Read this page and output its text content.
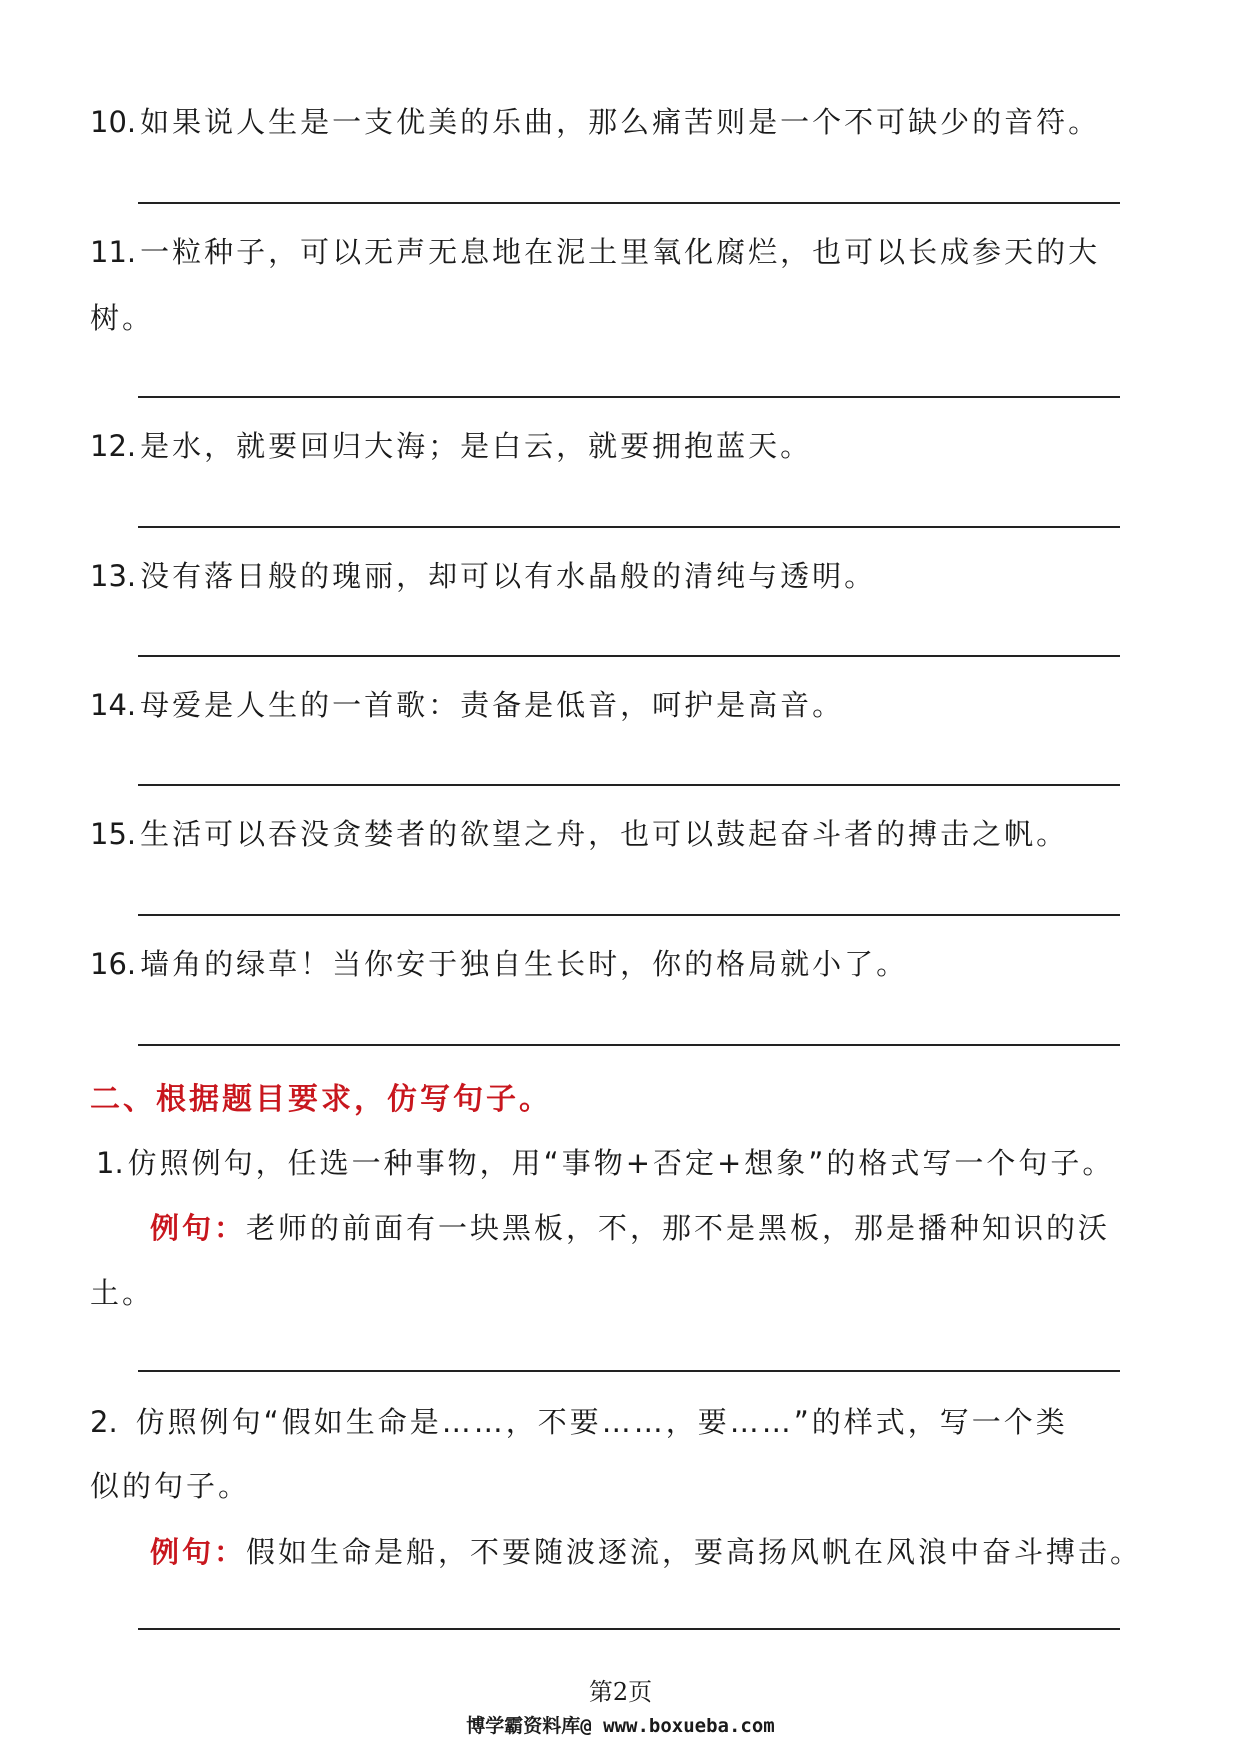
10. 如果说人生是一支优美的乐曲，那么痛苦则是一个不可缺少的音符。
11. 一粒种子，可以无声无息地在泥土里氧化腐烂，也可以长成参天的大
树。
12. 是水，就要回归大海；是白云，就要拥抱蓝天。
13. 没有落日般的瑰丽，却可以有水晶般的清纯与透明。
14. 母爱是人生的一首歌：责备是低音，呵护是高音。
15. 生活可以吞没贪婪者的欲望之舟，也可以鼓起奋斗者的搏击之帆。
16. 墙角的绿草！当你安于独自生长时，你的格局就小了。
二、根据题目要求，仿写句子。
1. 仿照例句，任选一种事物，用“事物+否定+想象”的格式写一个句子。
例句：老师的前面有一块黑板，不，那不是黑板，那是播种知识的沃
土。
2. 仿照例句“假如生命是……，不要……，要……”的样式，写一个类
似的句子。
例句：假如生命是船，不要随波逐流，要高扬风帆在风浪中奋斗搏击。
第2页
博学霸资料库@ www.boxueba.com
